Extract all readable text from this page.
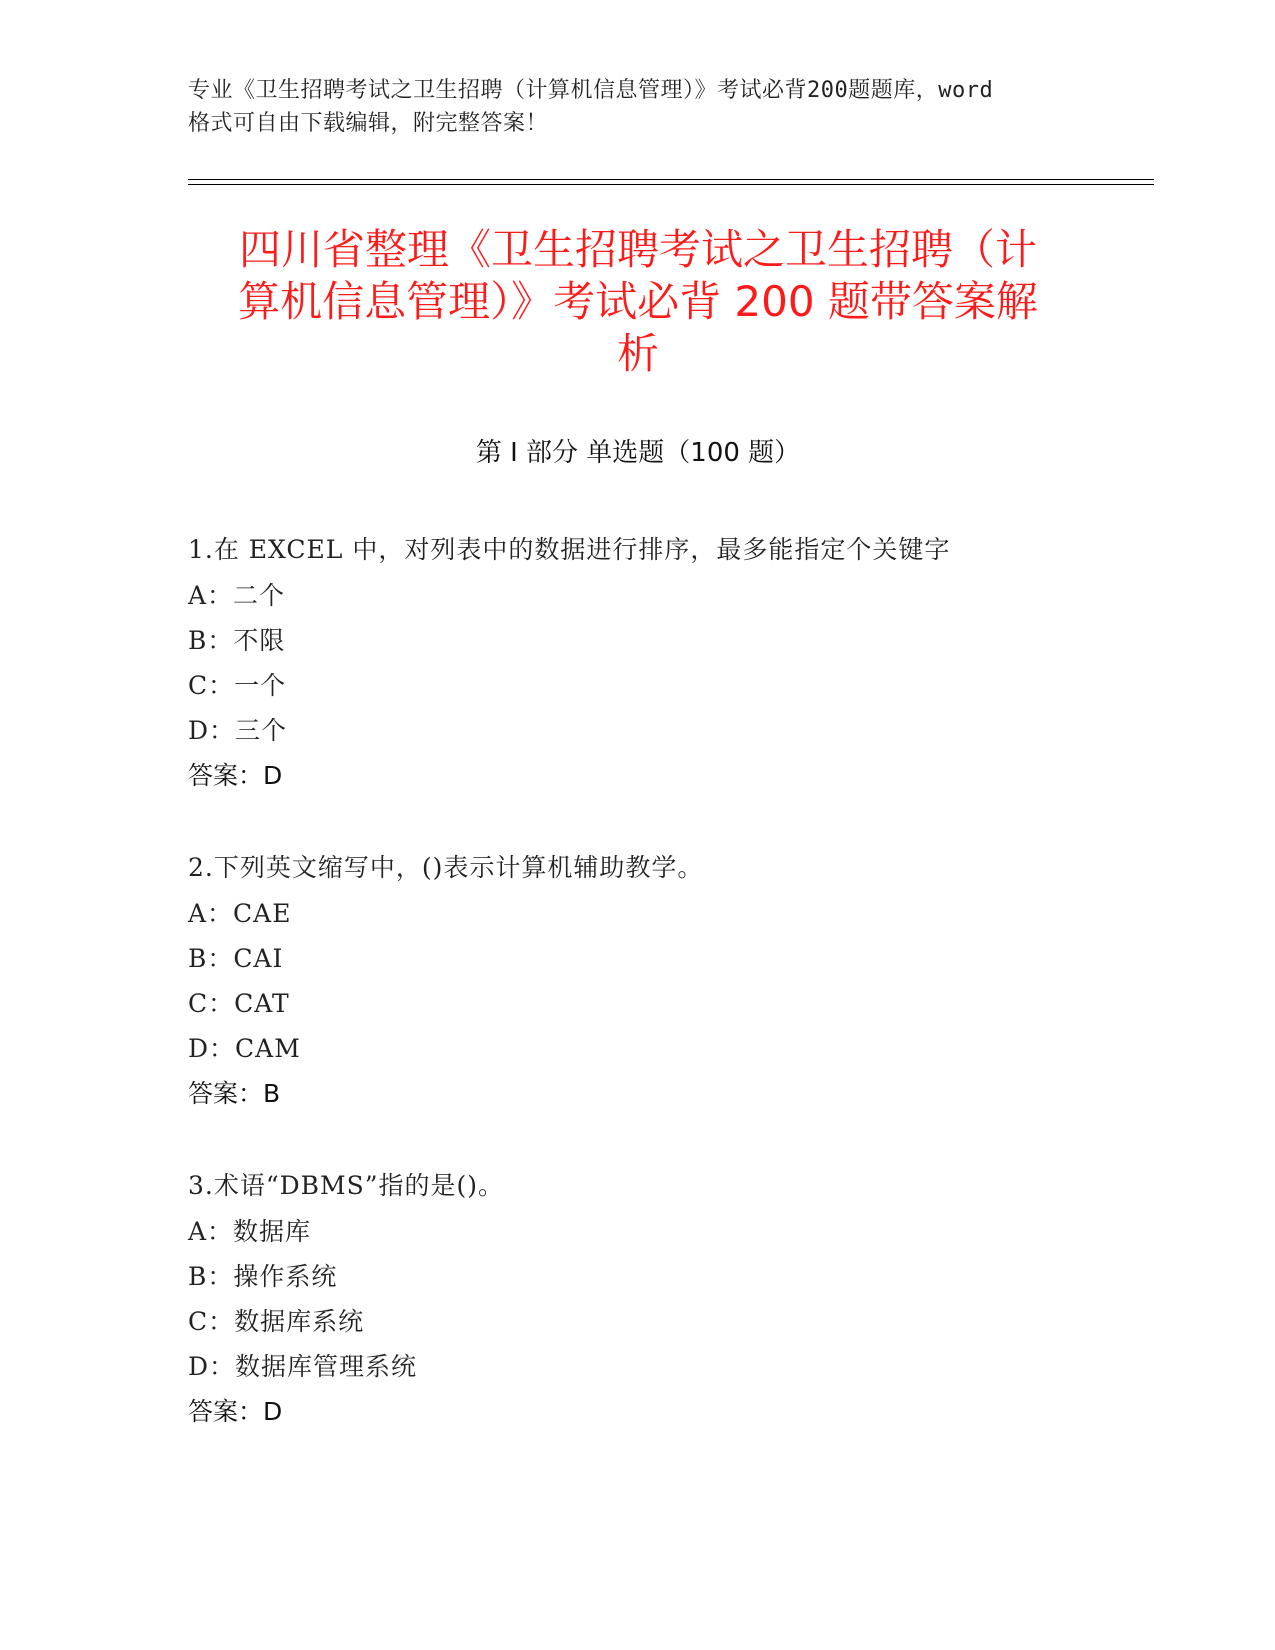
专业《卫生招聘考试之卫生招聘（计算机信息管理）》考试必背200题题库，word
格式可自由下载编辑，附完整答案！
四川省整理《卫生招聘考试之卫生招聘（计
算机信息管理）》考试必背 200 题带答案解
析
第 I 部分 单选题（100 题）
1.在 EXCEL 中，对列表中的数据进行排序，最多能指定个关键字
A：二个
B：不限
C：一个
D：三个
答案：D
2.下列英文缩写中，()表示计算机辅助教学。
A：CAE
B：CAI
C：CAT
D：CAM
答案：B
3.术语“DBMS”指的是()。
A：数据库
B：操作系统
C：数据库系统
D：数据库管理系统
答案：D
